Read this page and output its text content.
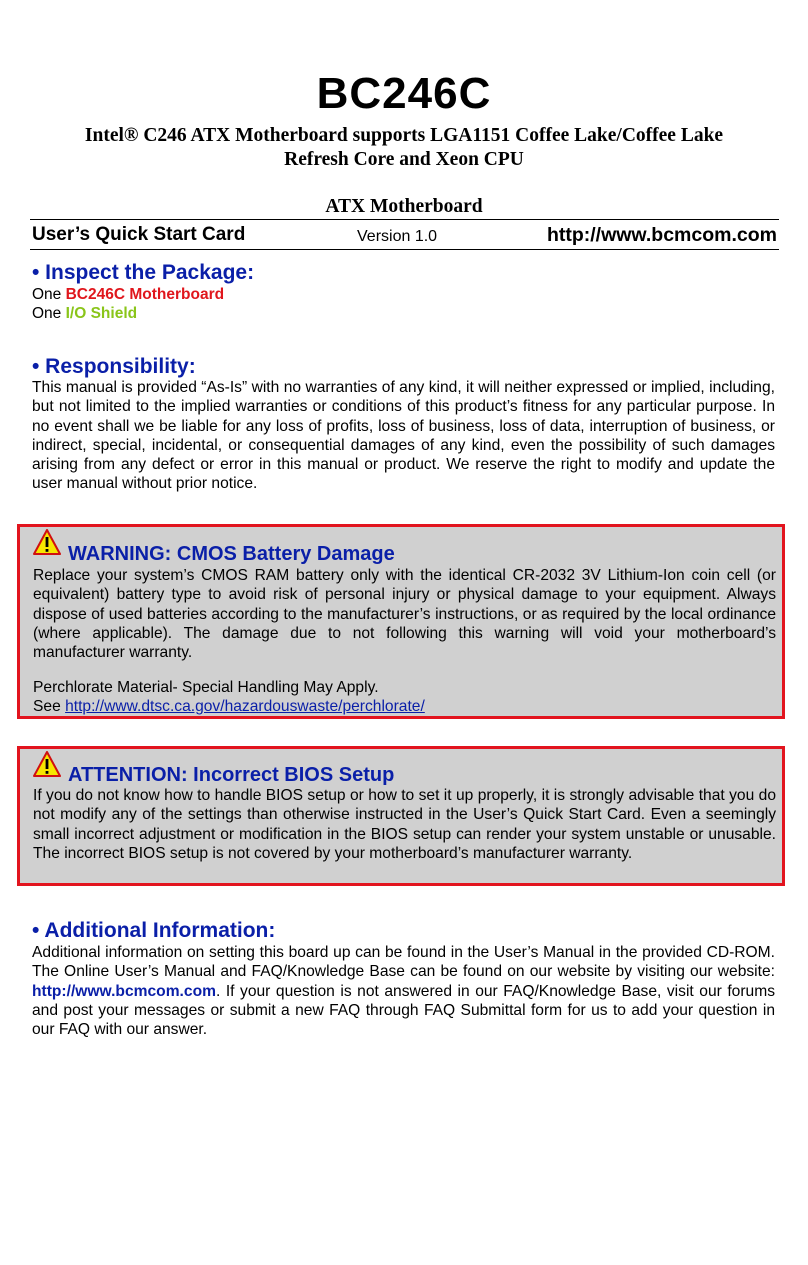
BC246C
Intel® C246 ATX Motherboard supports LGA1151 Coffee Lake/Coffee Lake
Refresh Core and Xeon CPU
ATX Motherboard
User’s Quick Start Card	Version 1.0	http://www.bcmcom.com
• Inspect the Package:
One BC246C Motherboard
One I/O Shield
• Responsibility:
This manual is provided “As-Is” with no warranties of any kind, it will neither expressed or implied, including, but not limited to the implied warranties or conditions of this product’s fitness for any particular purpose. In no event shall we be liable for any loss of profits, loss of business, loss of data, interruption of business, or indirect, special, incidental, or consequential damages of any kind, even the possibility of such damages arising from any defect or error in this manual or product. We reserve the right to modify and update the user manual without prior notice.
WARNING: CMOS Battery Damage
Replace your system’s CMOS RAM battery only with the identical CR-2032 3V Lithium-Ion coin cell (or equivalent) battery type to avoid risk of personal injury or physical damage to your equipment. Always dispose of used batteries according to the manufacturer’s instructions, or as required by the local ordinance (where applicable). The damage due to not following this warning will void your motherboard’s manufacturer warranty.
Perchlorate Material- Special Handling May Apply.
See http://www.dtsc.ca.gov/hazardouswaste/perchlorate/
ATTENTION: Incorrect BIOS Setup
If you do not know how to handle BIOS setup or how to set it up properly, it is strongly advisable that you do not modify any of the settings than otherwise instructed in the User’s Quick Start Card. Even a seemingly small incorrect adjustment or modification in the BIOS setup can render your system unstable or unusable. The incorrect BIOS setup is not covered by your motherboard’s manufacturer warranty.
• Additional Information:
Additional information on setting this board up can be found in the User’s Manual in the provided CD-ROM. The Online User’s Manual and FAQ/Knowledge Base can be found on our website by visiting our website: http://www.bcmcom.com. If your question is not answered in our FAQ/Knowledge Base, visit our forums and post your messages or submit a new FAQ through FAQ Submittal form for us to add your question in our FAQ with our answer.
